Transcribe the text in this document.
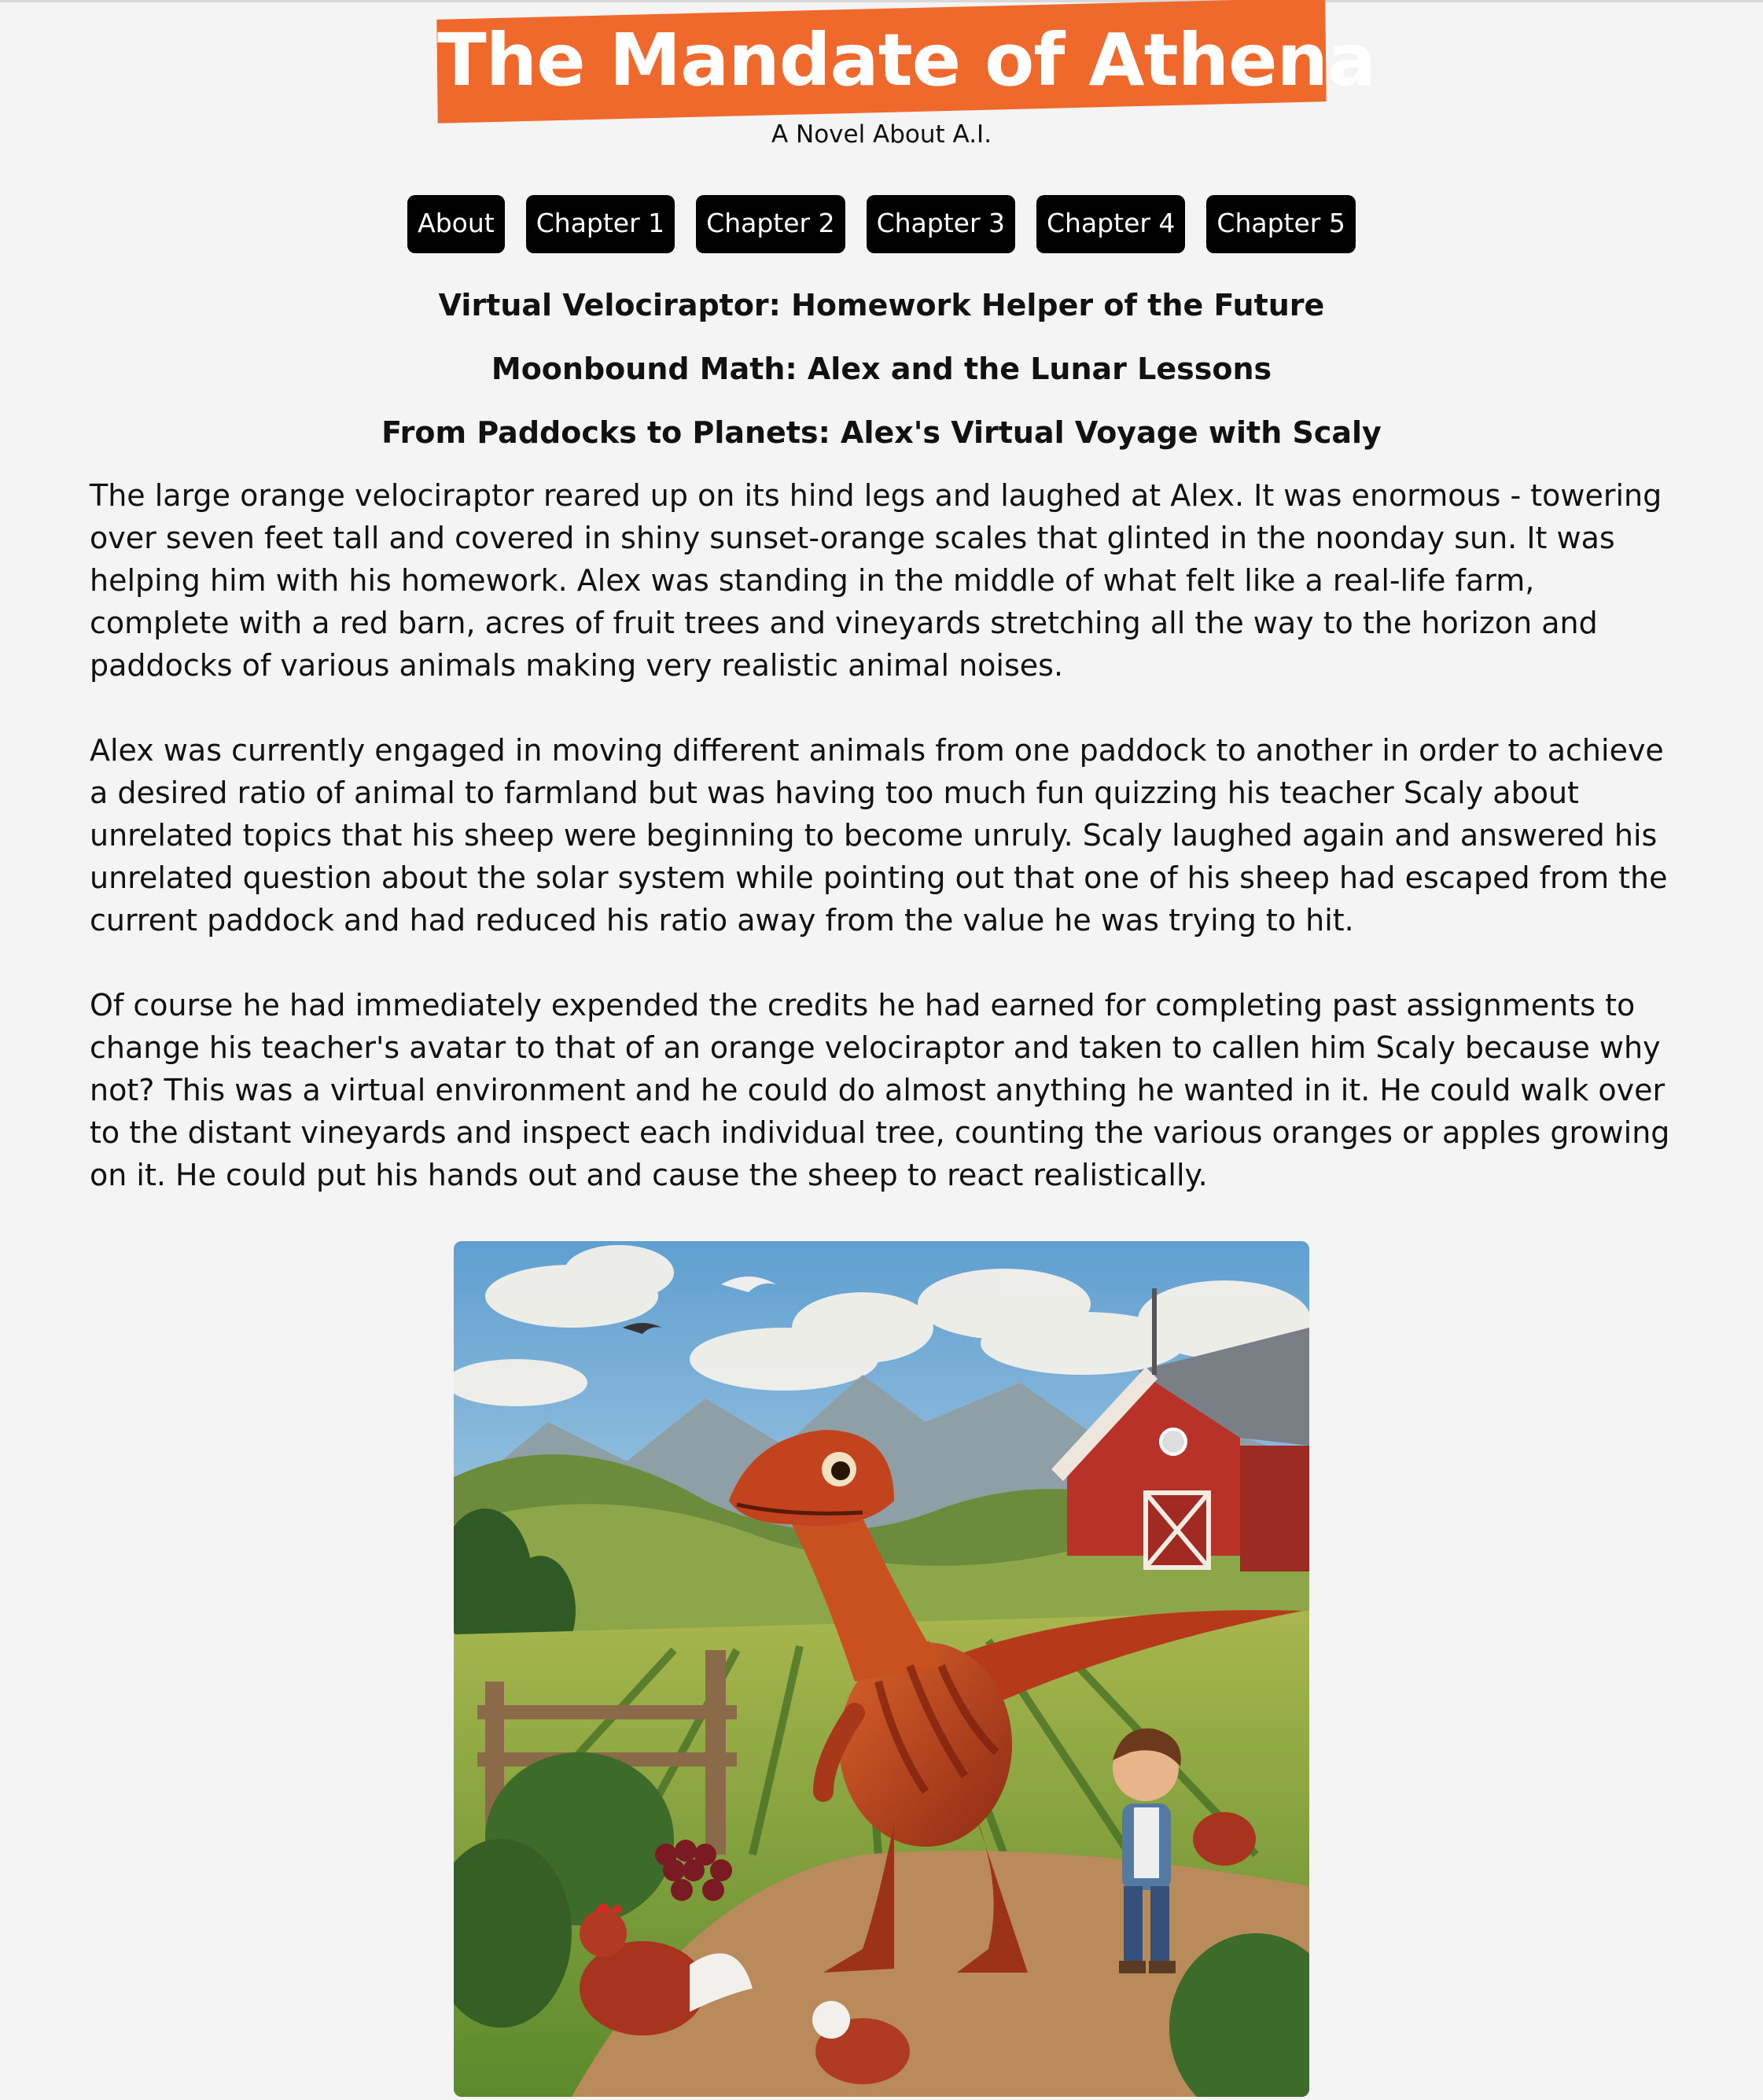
The Mandate of Athena
A Novel About A.I.
About	Chapter 1	Chapter 2	Chapter 3	Chapter 4	Chapter 5
Virtual Velociraptor: Homework Helper of the Future
Moonbound Math: Alex and the Lunar Lessons
From Paddocks to Planets: Alex's Virtual Voyage with Scaly

The large orange velociraptor reared up on its hind legs and laughed at Alex. It was enormous - towering over seven feet tall and covered in shiny sunset-orange scales that glinted in the noonday sun. It was helping him with his homework. Alex was standing in the middle of what felt like a real-life farm, complete with a red barn, acres of fruit trees and vineyards stretching all the way to the horizon and paddocks of various animals making very realistic animal noises.

Alex was currently engaged in moving different animals from one paddock to another in order to achieve a desired ratio of animal to farmland but was having too much fun quizzing his teacher Scaly about unrelated topics that his sheep were beginning to become unruly. Scaly laughed again and answered his unrelated question about the solar system while pointing out that one of his sheep had escaped from the current paddock and had reduced his ratio away from the value he was trying to hit.

Of course he had immediately expended the credits he had earned for completing past assignments to change his teacher's avatar to that of an orange velociraptor and taken to callen him Scaly because why not? This was a virtual environment and he could do almost anything he wanted in it. He could walk over to the distant vineyards and inspect each individual tree, counting the various oranges or apples growing on it. He could put his hands out and cause the sheep to react realistically.
